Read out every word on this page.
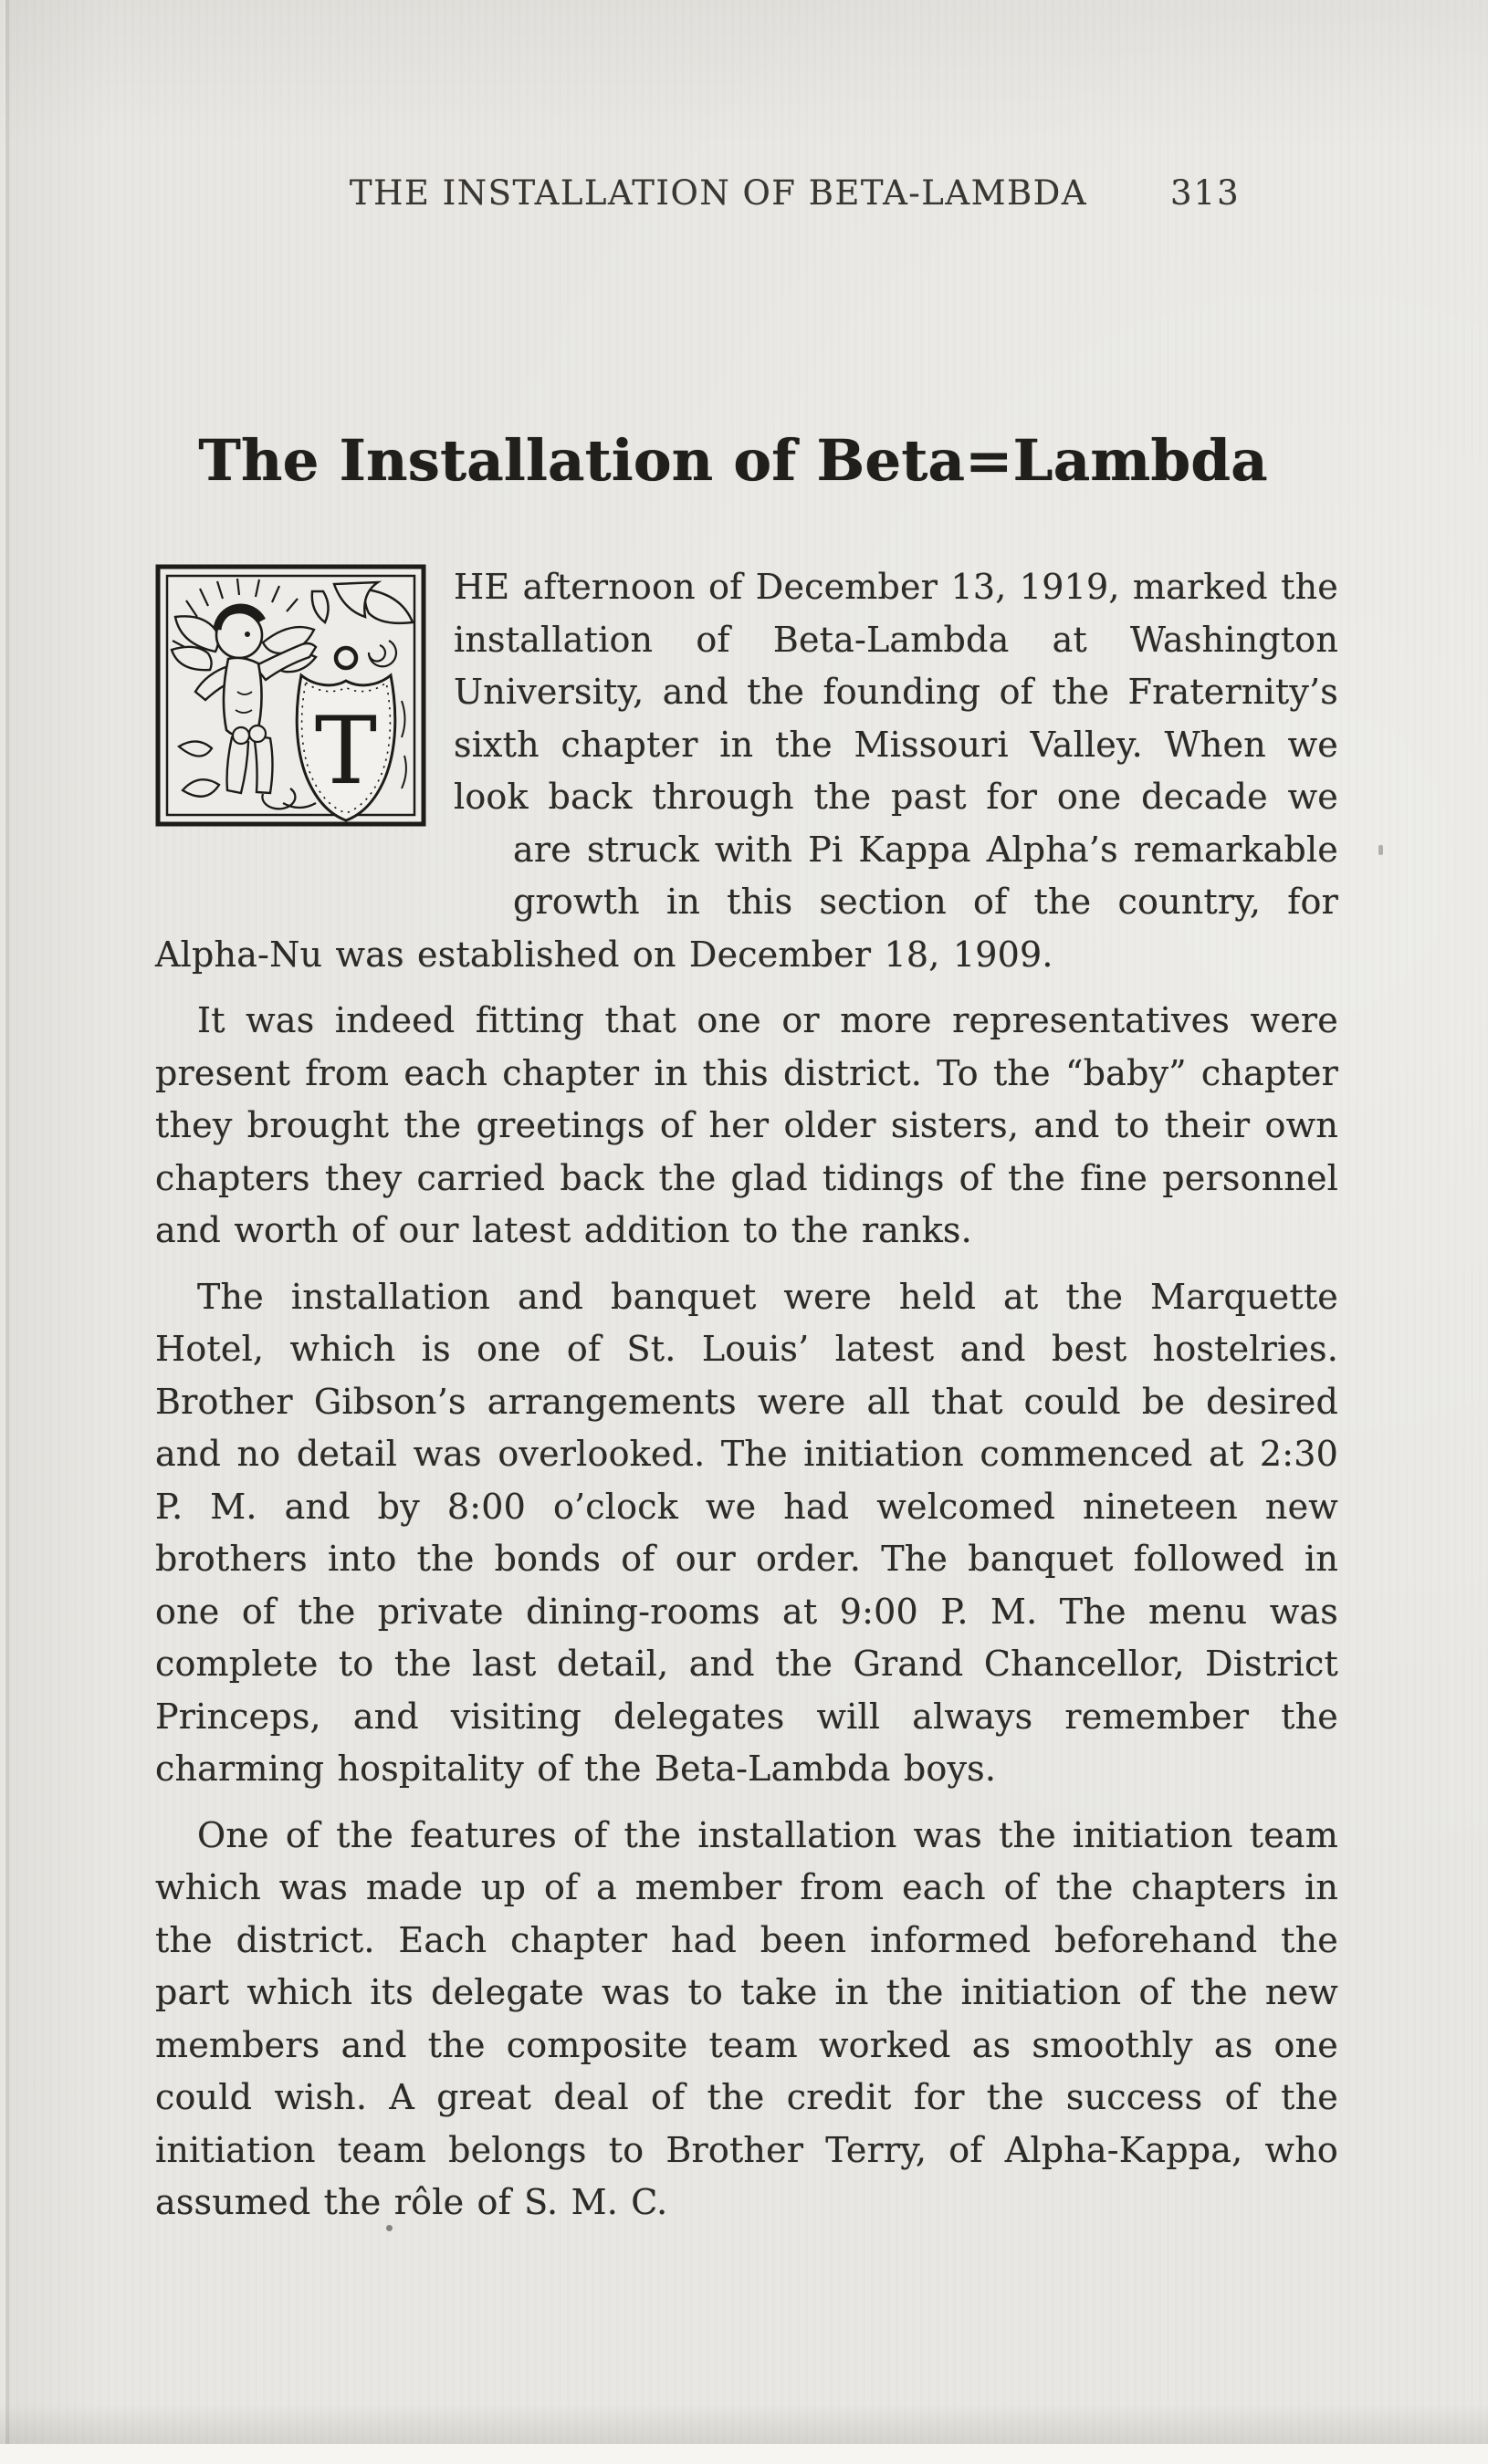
THE INSTALLATION OF BETA-LAMBDA	313
The Installation of Beta=Lambda

T
HE afternoon of December 13, 1919, marked the installation of Beta-Lambda at Washington University, and the founding of the Fraternity’s sixth chapter in the Missouri Valley. When we look back through the past for one decade we are struck with Pi Kappa Alpha’s remarkable growth in this section of the country, for Alpha-Nu was established on December 18, 1909.

It was indeed fitting that one or more representatives were present from each chapter in this district. To the “baby” chapter they brought the greetings of her older sisters, and to their own chapters they carried back the glad tidings of the fine personnel and worth of our latest addition to the ranks.

The installation and banquet were held at the Marquette Hotel, which is one of St. Louis’ latest and best hostelries. Brother Gibson’s arrangements were all that could be desired and no detail was overlooked. The initiation commenced at 2:30 P. M. and by 8:00 o’clock we had welcomed nineteen new brothers into the bonds of our order. The banquet followed in one of the private dining-rooms at 9:00 P. M. The menu was complete to the last detail, and the Grand Chancellor, District Princeps, and visiting delegates will always remember the charming hospitality of the Beta-Lambda boys.

One of the features of the installation was the initiation team which was made up of a member from each of the chapters in the district. Each chapter had been informed beforehand the part which its delegate was to take in the initiation of the new members and the composite team worked as smoothly as one could wish. A great deal of the credit for the success of the initiation team belongs to Brother Terry, of Alpha-Kappa, who assumed the rôle of S. M. C.
